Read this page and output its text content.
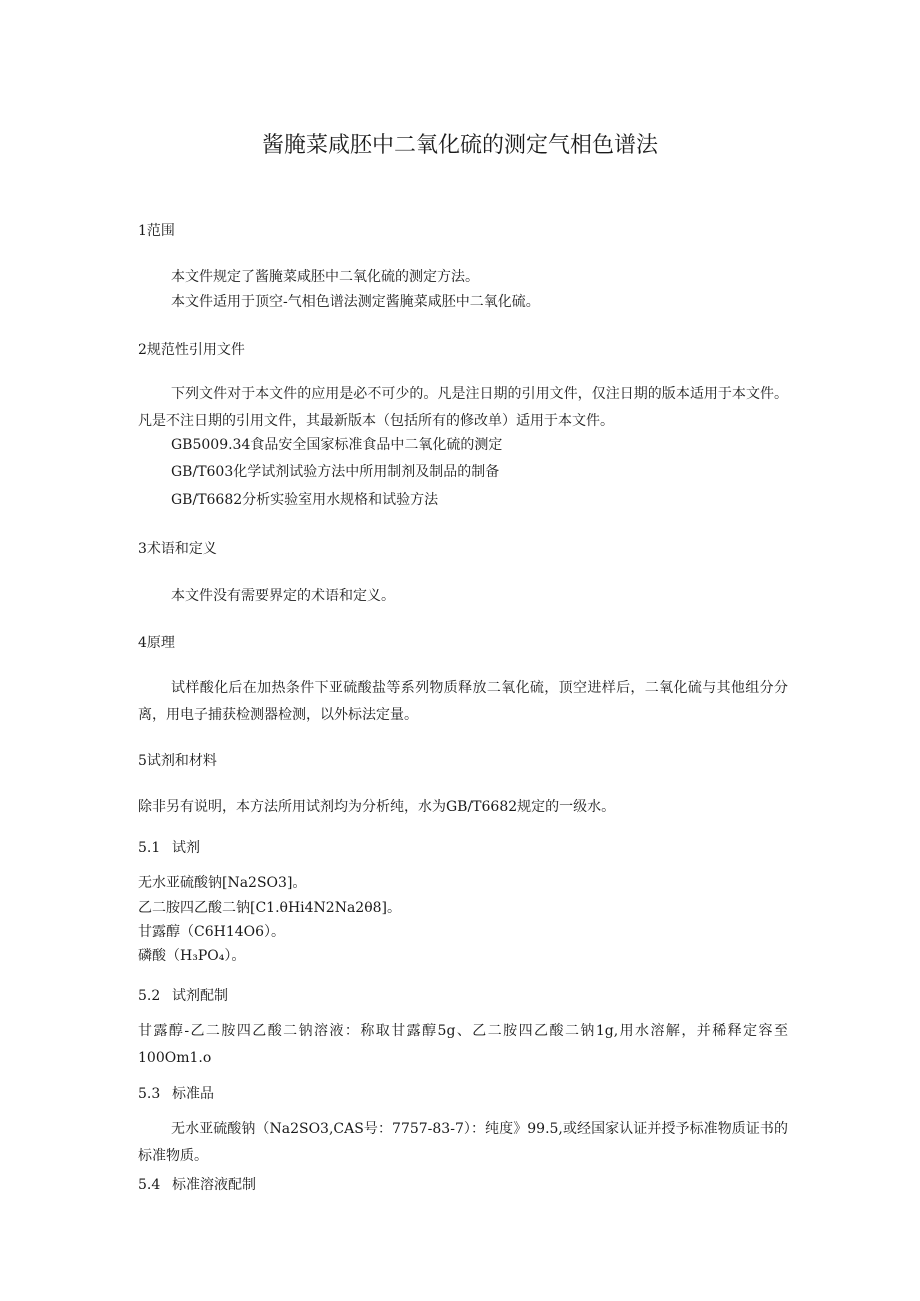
酱腌菜咸胚中二氧化硫的测定气相色谱法

1范围

本文件规定了酱腌菜咸胚中二氧化硫的测定方法。

本文件适用于顶空-气相色谱法测定酱腌菜咸胚中二氧化硫。

2规范性引用文件

下列文件对于本文件的应用是必不可少的。凡是注日期的引用文件，仅注日期的版本适用于本文件。凡是不注日期的引用文件，其最新版本（包括所有的修改单）适用于本文件。

GB5009.34食品安全国家标准食品中二氧化硫的测定

GB/T603化学试剂试验方法中所用制剂及制品的制备

GB/T6682分析实验室用水规格和试验方法

3术语和定义

本文件没有需要界定的术语和定义。

4原理

试样酸化后在加热条件下亚硫酸盐等系列物质释放二氧化硫，顶空进样后，二氧化硫与其他组分分离，用电子捕获检测器检测，以外标法定量。

5试剂和材料

除非另有说明，本方法所用试剂均为分析纯，水为GB/T6682规定的一级水。

5.1 试剂

无水亚硫酸钠[Na2SO3]。

乙二胺四乙酸二钠[C1.θHi4N2Na2θ8]。

甘露醇（C6H14O6）。

磷酸（H₃PO₄）。

5.2 试剂配制

甘露醇-乙二胺四乙酸二钠溶液：称取甘露醇5g、乙二胺四乙酸二钠1g,用水溶解，并稀释定容至100Om1.o

5.3 标准品

无水亚硫酸钠（Na2SO3,CAS号：7757-83-7）：纯度》99.5,或经国家认证并授予标准物质证书的标准物质。

5.4 标准溶液配制
